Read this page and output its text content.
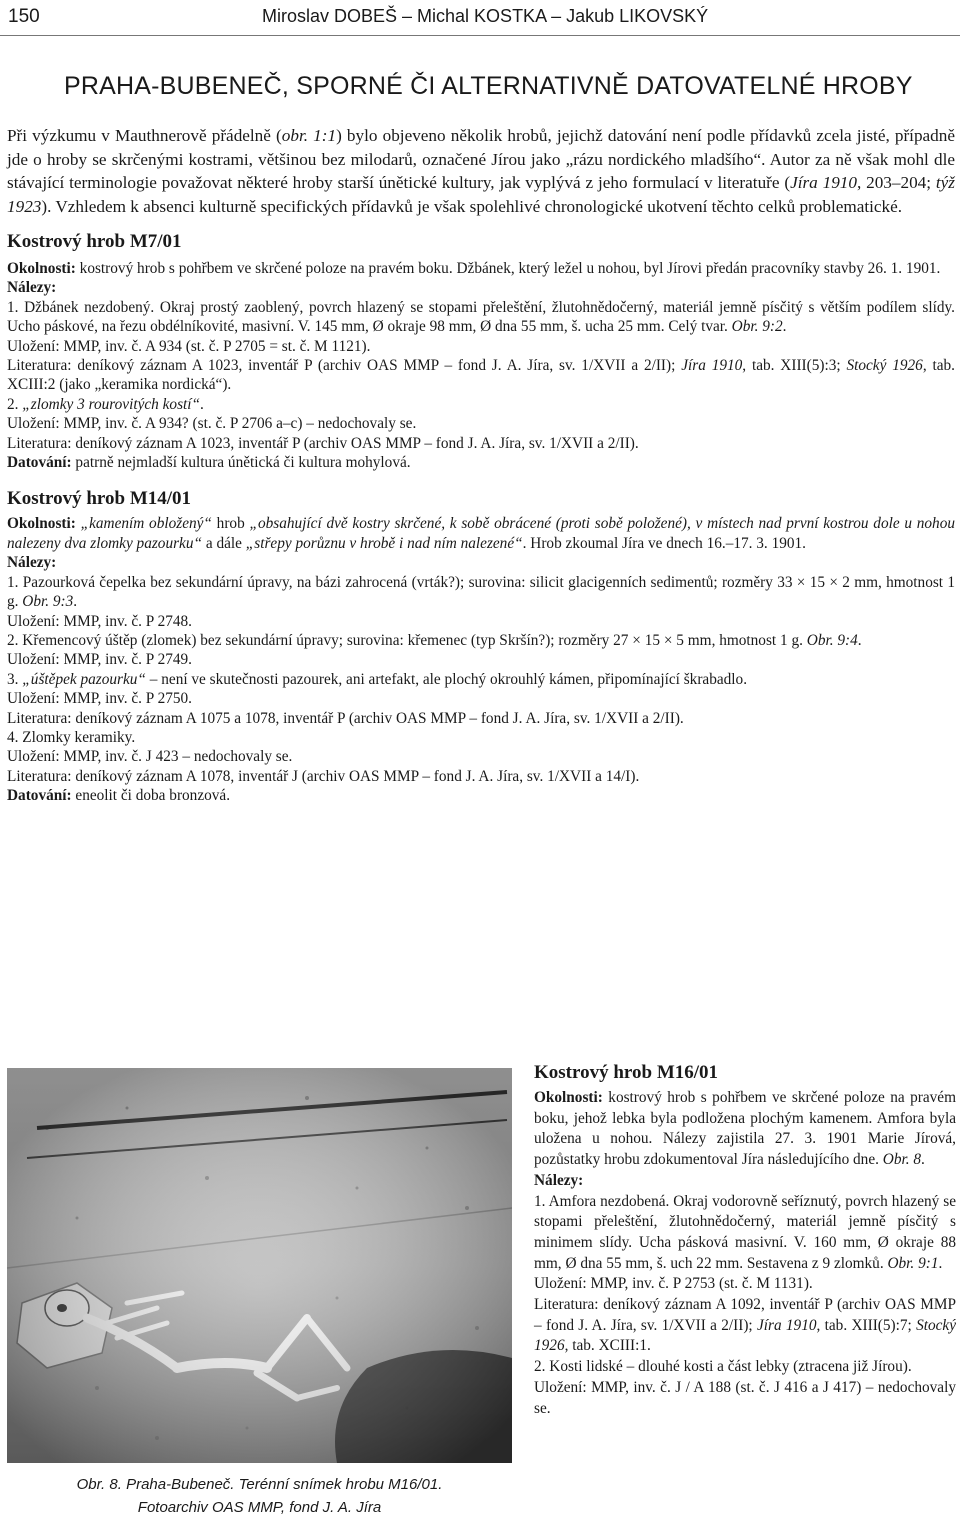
150	Miroslav DOBEŠ – Michal KOSTKA – Jakub LIKOVSKÝ
PRAHA-BUBENEČ, SPORNÉ ČI ALTERNATIVNĚ DATOVATELNÉ HROBY

Při výzkumu v Mauthnerově přádelně (obr. 1:1) bylo objeveno několik hrobů, jejichž datování není podle přídavků zcela jisté, případně jde o hroby se skrčenými kostrami, většinou bez milodarů, označené Jírou jako „rázu nordického mladšího“. Autor za ně však mohl dle stávající terminologie považovat některé hroby starší únětické kultury, jak vyplývá z jeho formulací v literatuře (Jíra 1910, 203–204; týž 1923). Vzhledem k absenci kulturně specifických přídavků je však spolehlivé chronologické ukotvení těchto celků problematické.

Kostrový hrob M7/01

Okolnosti: kostrový hrob s pohřbem ve skrčené poloze na pravém boku. Džbánek, který ležel u nohou, byl Jírovi předán pracovníky stavby 26. 1. 1901.

Nálezy:

1. Džbánek nezdobený. Okraj prostý zaoblený, povrch hlazený se stopami přeleštění, žlutohnědočerný, materiál jemně písčitý s větším podílem slídy. Ucho páskové, na řezu obdélníkovité, masivní. V. 145 mm, Ø okraje 98 mm, Ø dna 55 mm, š. ucha 25 mm. Celý tvar. Obr. 9:2.

Uložení: MMP, inv. č. A 934 (st. č. P 2705 = st. č. M 1121).

Literatura: deníkový záznam A 1023, inventář P (archiv OAS MMP – fond J. A. Jíra, sv. 1/XVII a 2/II); Jíra 1910, tab. XIII(5):3; Stocký 1926, tab. XCIII:2 (jako „keramika nordická“).

2. „zlomky 3 rourovitých kostí“.

Uložení: MMP, inv. č. A 934? (st. č. P 2706 a–c) – nedochovaly se.

Literatura: deníkový záznam A 1023, inventář P (archiv OAS MMP – fond J. A. Jíra, sv. 1/XVII a 2/II).

Datování: patrně nejmladší kultura únětická či kultura mohylová.

Kostrový hrob M14/01

Okolnosti: „kamením obložený“ hrob „obsahující dvě kostry skrčené, k sobě obrácené (proti sobě položené), v místech nad první kostrou dole u nohou nalezeny dva zlomky pazourku“ a dále „střepy porůznu v hrobě i nad ním nalezené“. Hrob zkoumal Jíra ve dnech 16.–17. 3. 1901.

Nálezy:

1. Pazourková čepelka bez sekundární úpravy, na bázi zahrocená (vrták?); surovina: silicit glacigenních sedimentů; rozměry 33 × 15 × 2 mm, hmotnost 1 g. Obr. 9:3.

Uložení: MMP, inv. č. P 2748.

2. Křemencový úštěp (zlomek) bez sekundární úpravy; surovina: křemenec (typ Skršín?); rozměry 27 × 15 × 5 mm, hmotnost 1 g. Obr. 9:4.

Uložení: MMP, inv. č. P 2749.

3. „úštěpek pazourku“ – není ve skutečnosti pazourek, ani artefakt, ale plochý okrouhlý kámen, připomínající škrabadlo.

Uložení: MMP, inv. č. P 2750.

Literatura: deníkový záznam A 1075 a 1078, inventář P (archiv OAS MMP – fond J. A. Jíra, sv. 1/XVII a 2/II).

4. Zlomky keramiky.

Uložení: MMP, inv. č. J 423 – nedochovaly se.

Literatura: deníkový záznam A 1078, inventář J (archiv OAS MMP – fond J. A. Jíra, sv. 1/XVII a 14/I).

Datování: eneolit či doba bronzová.

Obr. 8. Praha-Bubeneč. Terénní snímek hrobu M16/01.
Fotoarchiv OAS MMP, fond J. A. Jíra
Kostrový hrob M16/01

Okolnosti: kostrový hrob s pohřbem ve skrčené poloze na pravém boku, jehož lebka byla podložena plochým kamenem. Amfora byla uložena u nohou. Nálezy zajistila 27. 3. 1901 Marie Jírová, pozůstatky hrobu zdokumentoval Jíra následujícího dne. Obr. 8.

Nálezy:

1. Amfora nezdobená. Okraj vodorovně seříznutý, povrch hlazený se stopami přeleštění, žlutohnědočerný, materiál jemně písčitý s minimem slídy. Ucha pásková masivní. V. 160 mm, Ø okraje 88 mm, Ø dna 55 mm, š. uch 22 mm. Sestavena z 9 zlomků. Obr. 9:1.

Uložení: MMP, inv. č. P 2753 (st. č. M 1131).

Literatura: deníkový záznam A 1092, inventář P (archiv OAS MMP – fond J. A. Jíra, sv. 1/XVII a 2/II); Jíra 1910, tab. XIII(5):7; Stocký 1926, tab. XCIII:1.

2. Kosti lidské – dlouhé kosti a část lebky (ztracena již Jírou).

Uložení: MMP, inv. č. J / A 188 (st. č. J 416 a J 417) – nedochovaly se.
